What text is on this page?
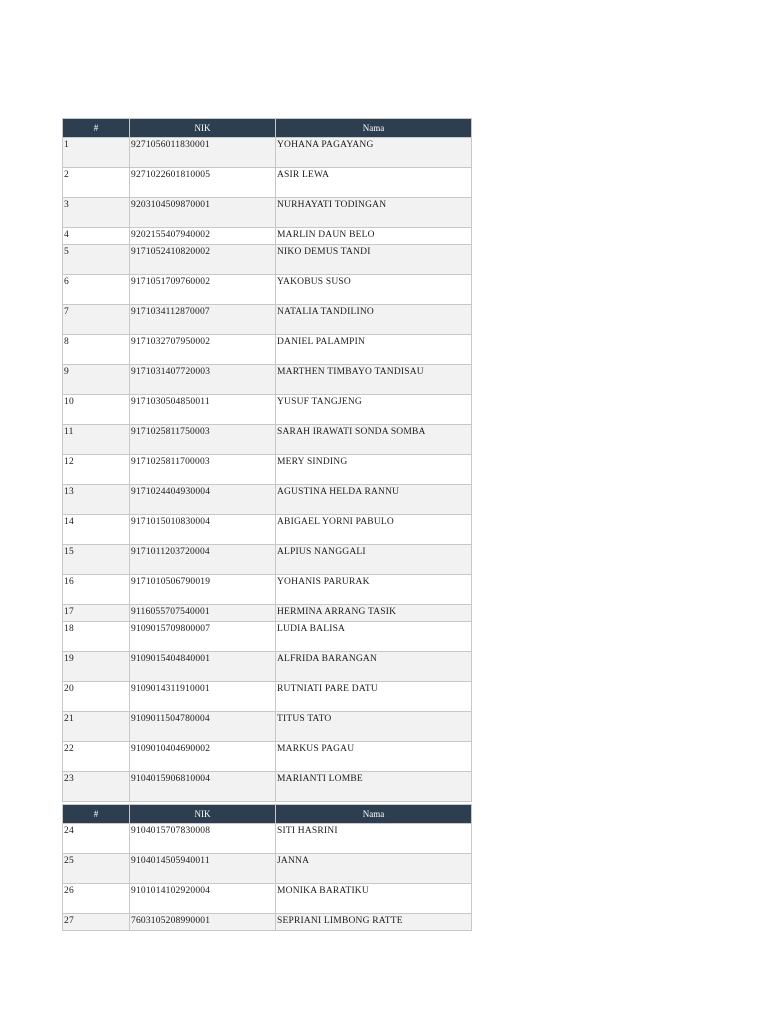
#	NIK	Nama
1	9271056011830001	YOHANA PAGAYANG
2	9271022601810005	ASIR LEWA
3	9203104509870001	NURHAYATI TODINGAN
4	9202155407940002	MARLIN DAUN BELO
5	9171052410820002	NIKO DEMUS TANDI
6	9171051709760002	YAKOBUS SUSO
7	9171034112870007	NATALIA TANDILINO
8	9171032707950002	DANIEL PALAMPIN
9	9171031407720003	MARTHEN TIMBAYO TANDISAU
10	9171030504850011	YUSUF TANGJENG
11	9171025811750003	SARAH IRAWATI SONDA SOMBA
12	9171025811700003	MERY SINDING
13	9171024404930004	AGUSTINA HELDA RANNU
14	9171015010830004	ABIGAEL YORNI PABULO
15	9171011203720004	ALPIUS NANGGALI
16	9171010506790019	YOHANIS PARURAK
17	9116055707540001	HERMINA ARRANG TASIK
18	9109015709800007	LUDIA BALISA
19	9109015404840001	ALFRIDA BARANGAN
20	9109014311910001	RUTNIATI PARE DATU
21	9109011504780004	TITUS TATO
22	9109010404690002	MARKUS PAGAU
23	9104015906810004	MARIANTI LOMBE
#	NIK	Nama
24	9104015707830008	SITI HASRINI
25	9104014505940011	JANNA
26	9101014102920004	MONIKA BARATIKU
27	7603105208990001	SEPRIANI LIMBONG RATTE
